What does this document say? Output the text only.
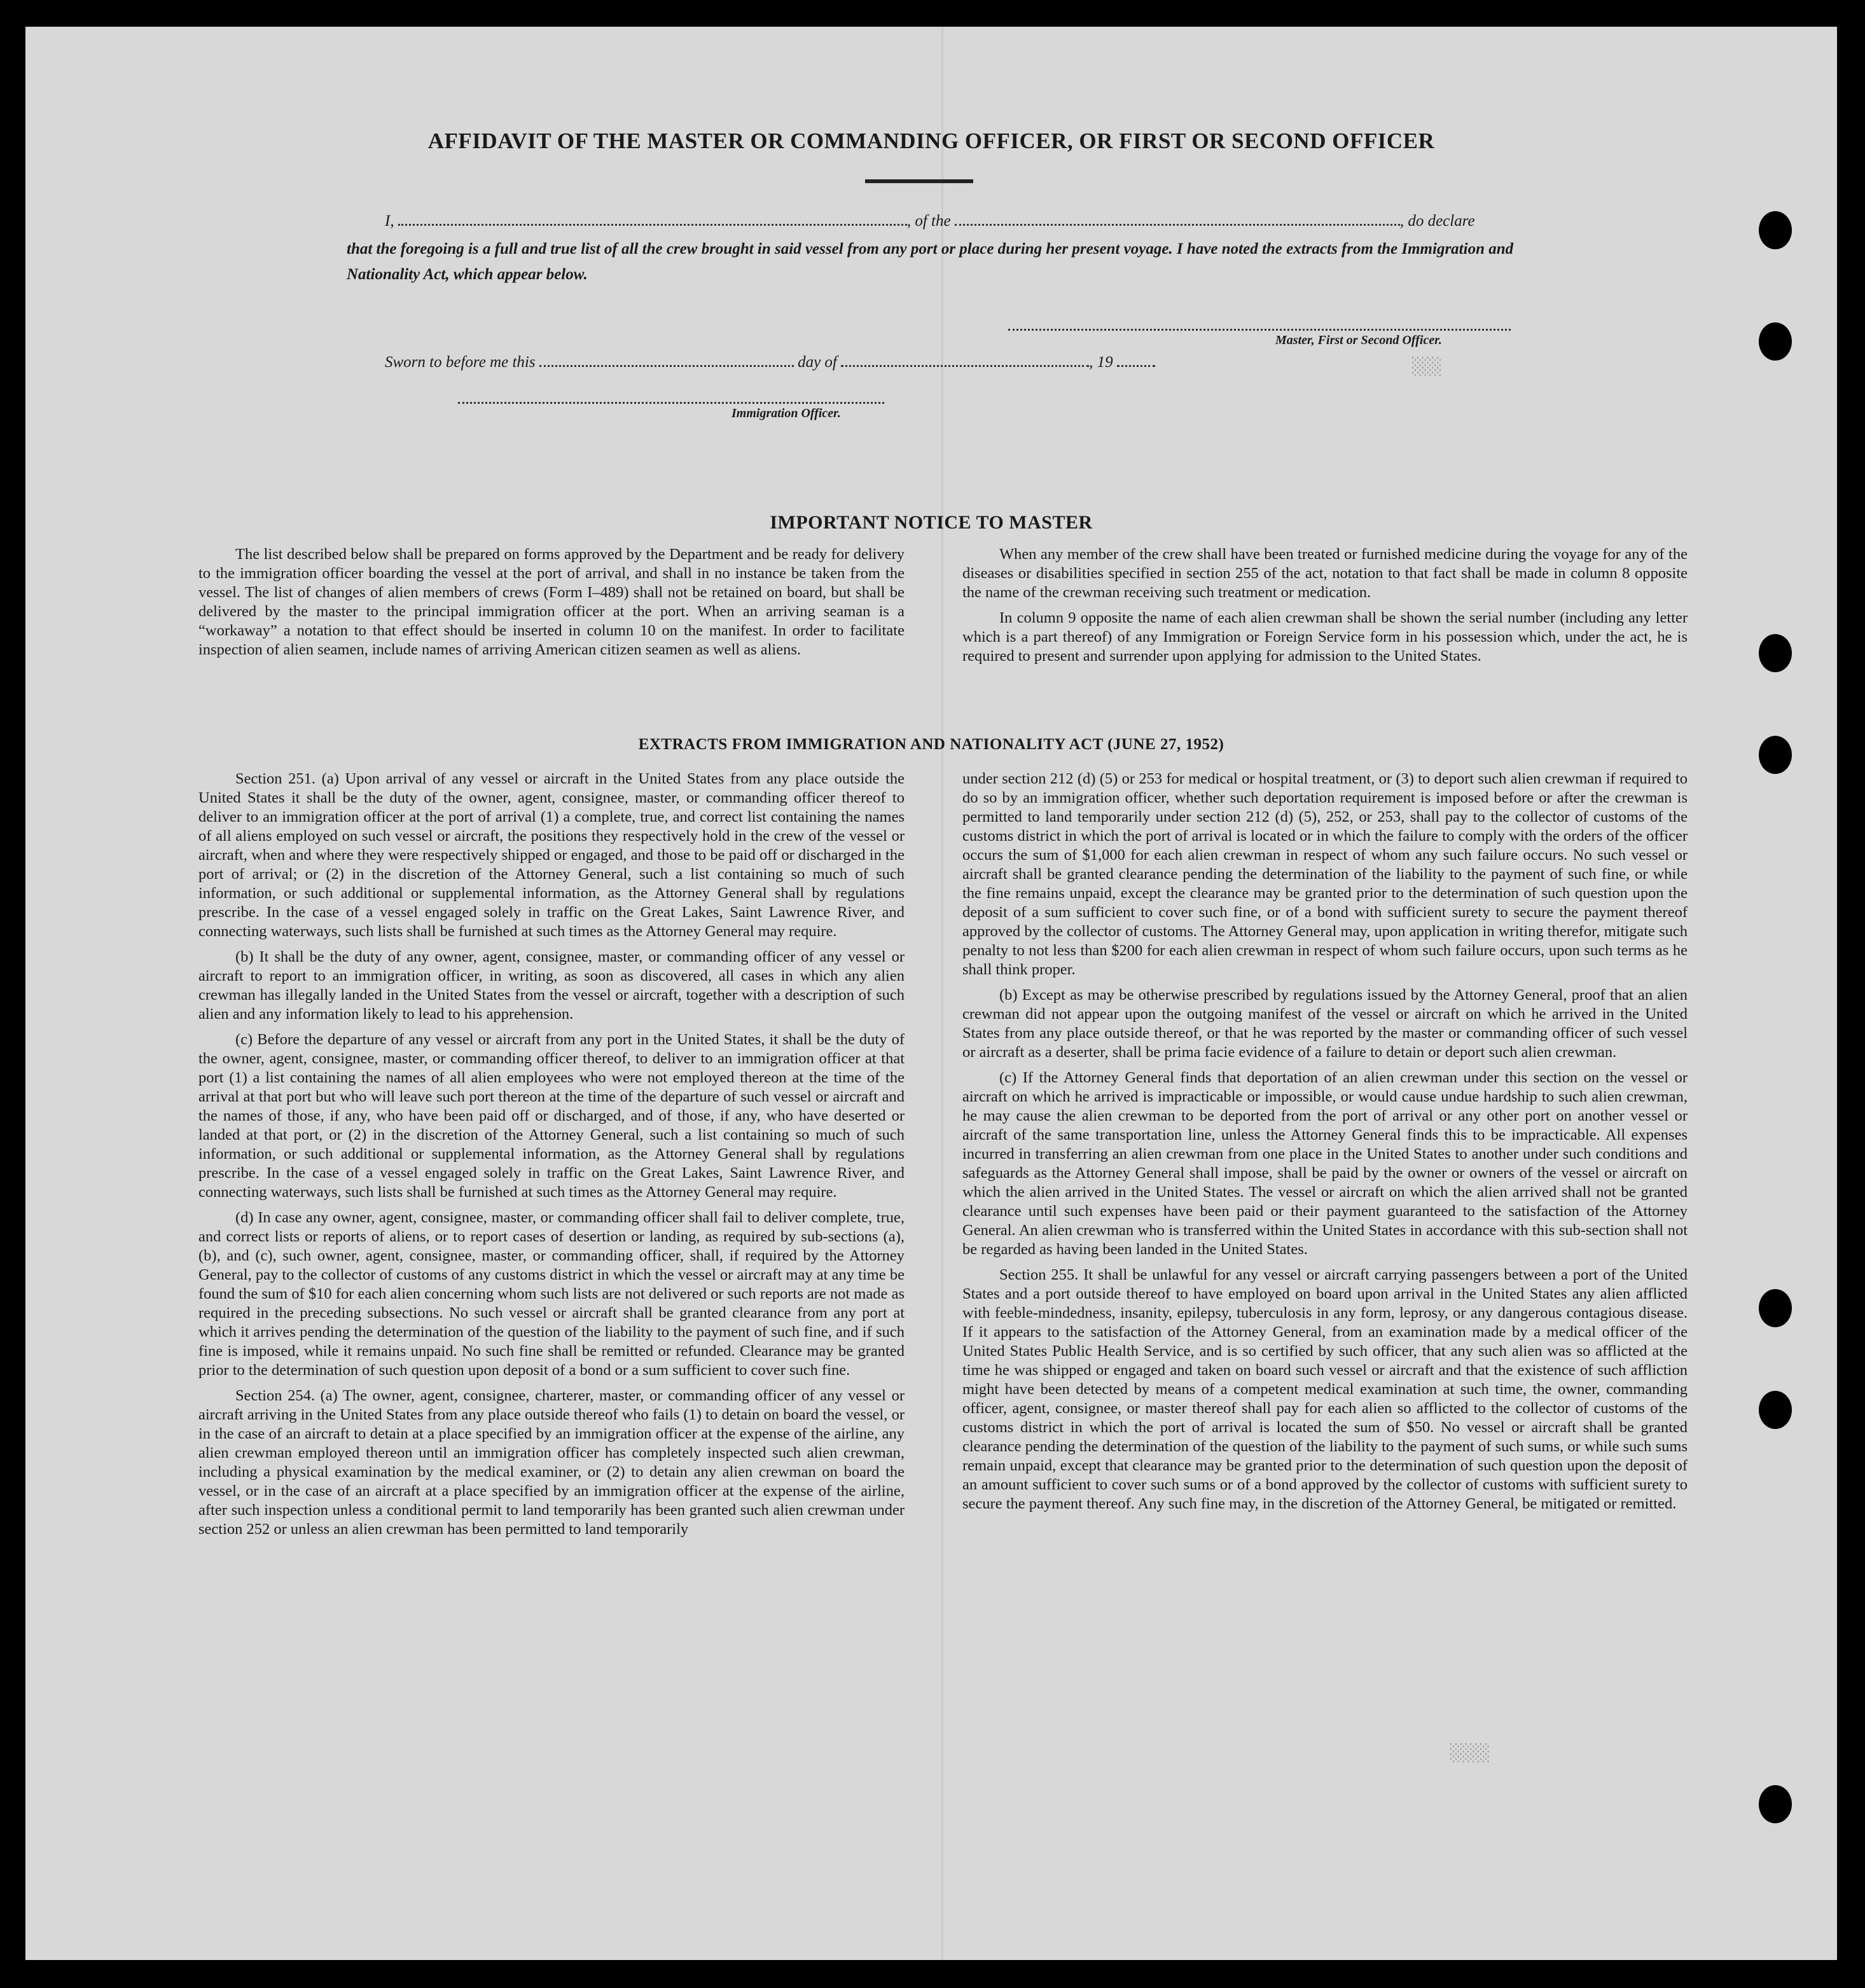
░░░
░░░░
AFFIDAVIT OF THE MASTER OR COMMANDING OFFICER, OR FIRST OR SECOND OFFICER
I,	, of the	, do declare
that the foregoing is a full and true list of all the crew brought in said vessel from any port or place during her present voyage. I have noted the extracts from the Immigration and Nationality Act, which appear below.
Master, First or Second Officer.
Sworn to before me this	day of	, 19
Immigration Officer.
IMPORTANT NOTICE TO MASTER

The list described below shall be prepared on forms approved by the Department and be ready for delivery to the immigration officer boarding the vessel at the port of arrival, and shall in no instance be taken from the vessel. The list of changes of alien members of crews (Form I–489) shall not be retained on board, but shall be delivered by the master to the principal immigration officer at the port. When an arriving seaman is a “workaway” a notation to that effect should be inserted in column 10 on the manifest. In order to facilitate inspection of alien seamen, include names of arriving American citizen seamen as well as aliens.

When any member of the crew shall have been treated or furnished medicine during the voyage for any of the diseases or disabilities specified in section 255 of the act, notation to that fact shall be made in column 8 opposite the name of the crewman receiving such treatment or medication.

In column 9 opposite the name of each alien crewman shall be shown the serial number (including any letter which is a part thereof) of any Immigration or Foreign Service form in his possession which, under the act, he is required to present and surrender upon applying for admission to the United States.

EXTRACTS FROM IMMIGRATION AND NATIONALITY ACT (JUNE 27, 1952)

Section 251. (a) Upon arrival of any vessel or aircraft in the United States from any place outside the United States it shall be the duty of the owner, agent, consignee, master, or commanding officer thereof to deliver to an immigration officer at the port of arrival (1) a complete, true, and correct list containing the names of all aliens employed on such vessel or aircraft, the positions they respectively hold in the crew of the vessel or aircraft, when and where they were respectively shipped or engaged, and those to be paid off or discharged in the port of arrival; or (2) in the discretion of the Attorney General, such a list containing so much of such information, or such additional or supplemental information, as the Attorney General shall by regulations prescribe. In the case of a vessel engaged solely in traffic on the Great Lakes, Saint Lawrence River, and connecting waterways, such lists shall be furnished at such times as the Attorney General may require.

(b) It shall be the duty of any owner, agent, consignee, master, or commanding officer of any vessel or aircraft to report to an immigration officer, in writing, as soon as discovered, all cases in which any alien crewman has illegally landed in the United States from the vessel or aircraft, together with a description of such alien and any information likely to lead to his apprehension.

(c) Before the departure of any vessel or aircraft from any port in the United States, it shall be the duty of the owner, agent, consignee, master, or commanding officer thereof, to deliver to an immigration officer at that port (1) a list containing the names of all alien employees who were not employed thereon at the time of the arrival at that port but who will leave such port thereon at the time of the departure of such vessel or aircraft and the names of those, if any, who have been paid off or discharged, and of those, if any, who have deserted or landed at that port, or (2) in the discretion of the Attorney General, such a list containing so much of such information, or such additional or supplemental information, as the Attorney General shall by regulations prescribe. In the case of a vessel engaged solely in traffic on the Great Lakes, Saint Lawrence River, and connecting waterways, such lists shall be furnished at such times as the Attorney General may require.

(d) In case any owner, agent, consignee, master, or commanding officer shall fail to deliver complete, true, and correct lists or reports of aliens, or to report cases of desertion or landing, as required by sub-sections (a), (b), and (c), such owner, agent, consignee, master, or commanding officer, shall, if required by the Attorney General, pay to the collector of customs of any customs district in which the vessel or aircraft may at any time be found the sum of $10 for each alien concerning whom such lists are not delivered or such reports are not made as required in the preceding subsections. No such vessel or aircraft shall be granted clearance from any port at which it arrives pending the determination of the question of the liability to the payment of such fine, and if such fine is imposed, while it remains unpaid. No such fine shall be remitted or refunded. Clearance may be granted prior to the determination of such question upon deposit of a bond or a sum sufficient to cover such fine.

Section 254. (a) The owner, agent, consignee, charterer, master, or commanding officer of any vessel or aircraft arriving in the United States from any place outside thereof who fails (1) to detain on board the vessel, or in the case of an aircraft to detain at a place specified by an immigration officer at the expense of the airline, any alien crewman employed thereon until an immigration officer has completely inspected such alien crewman, including a physical examination by the medical examiner, or (2) to detain any alien crewman on board the vessel, or in the case of an aircraft at a place specified by an immigration officer at the expense of the airline, after such inspection unless a conditional permit to land temporarily has been granted such alien crewman under section 252 or unless an alien crewman has been permitted to land temporarily

under section 212 (d) (5) or 253 for medical or hospital treatment, or (3) to deport such alien crewman if required to do so by an immigration officer, whether such deportation requirement is imposed before or after the crewman is permitted to land temporarily under section 212 (d) (5), 252, or 253, shall pay to the collector of customs of the customs district in which the port of arrival is located or in which the failure to comply with the orders of the officer occurs the sum of $1,000 for each alien crewman in respect of whom any such failure occurs. No such vessel or aircraft shall be granted clearance pending the determination of the liability to the payment of such fine, or while the fine remains unpaid, except the clearance may be granted prior to the determination of such question upon the deposit of a sum sufficient to cover such fine, or of a bond with sufficient surety to secure the payment thereof approved by the collector of customs. The Attorney General may, upon application in writing therefor, mitigate such penalty to not less than $200 for each alien crewman in respect of whom such failure occurs, upon such terms as he shall think proper.

(b) Except as may be otherwise prescribed by regulations issued by the Attorney General, proof that an alien crewman did not appear upon the outgoing manifest of the vessel or aircraft on which he arrived in the United States from any place outside thereof, or that he was reported by the master or commanding officer of such vessel or aircraft as a deserter, shall be prima facie evidence of a failure to detain or deport such alien crewman.

(c) If the Attorney General finds that deportation of an alien crewman under this section on the vessel or aircraft on which he arrived is impracticable or impossible, or would cause undue hardship to such alien crewman, he may cause the alien crewman to be deported from the port of arrival or any other port on another vessel or aircraft of the same transportation line, unless the Attorney General finds this to be impracticable. All expenses incurred in transferring an alien crewman from one place in the United States to another under such conditions and safeguards as the Attorney General shall impose, shall be paid by the owner or owners of the vessel or aircraft on which the alien arrived in the United States. The vessel or aircraft on which the alien arrived shall not be granted clearance until such expenses have been paid or their payment guaranteed to the satisfaction of the Attorney General. An alien crewman who is transferred within the United States in accordance with this sub-section shall not be regarded as having been landed in the United States.

Section 255. It shall be unlawful for any vessel or aircraft carrying passengers between a port of the United States and a port outside thereof to have employed on board upon arrival in the United States any alien afflicted with feeble-mindedness, insanity, epilepsy, tuberculosis in any form, leprosy, or any dangerous contagious disease. If it appears to the satisfaction of the Attorney General, from an examination made by a medical officer of the United States Public Health Service, and is so certified by such officer, that any such alien was so afflicted at the time he was shipped or engaged and taken on board such vessel or aircraft and that the existence of such affliction might have been detected by means of a competent medical examination at such time, the owner, commanding officer, agent, consignee, or master thereof shall pay for each alien so afflicted to the collector of customs of the customs district in which the port of arrival is located the sum of $50. No vessel or aircraft shall be granted clearance pending the determination of the question of the liability to the payment of such sums, or while such sums remain unpaid, except that clearance may be granted prior to the determination of such question upon the deposit of an amount sufficient to cover such sums or of a bond approved by the collector of customs with sufficient surety to secure the payment thereof. Any such fine may, in the discretion of the Attorney General, be mitigated or remitted.
